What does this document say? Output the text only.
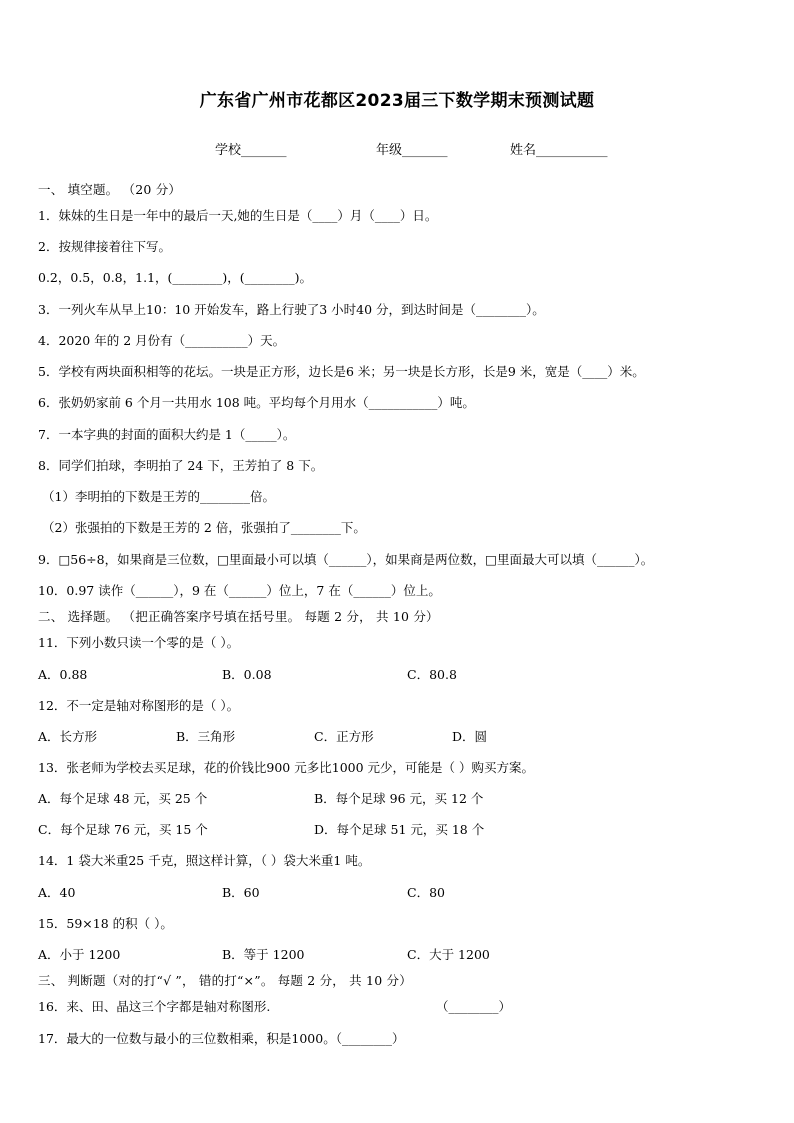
广东省广州市花都区2023届三下数学期末预测试题
学校_______	年级_______	姓名___________
一、 填空题。 （20 分）
1．妹妹的生日是一年中的最后一天,她的生日是（____）月（____）日。
2．按规律接着往下写。
0.2，0.5，0.8，1.1，(________)，(________)。
3．一列火车从早上10：10 开始发车，路上行驶了3 小时40 分，到达时间是（________）。
4．2020 年的 2 月份有（__________）天。
5．学校有两块面积相等的花坛。一块是正方形，边长是6 米；另一块是长方形，长是9 米，宽是（____）米。
6．张奶奶家前 6 个月一共用水 108 吨。平均每个月用水（___________）吨。
7．一本字典的封面的面积大约是 1（_____）。
8．同学们拍球，李明拍了 24 下，王芳拍了 8 下。
（1）李明拍的下数是王芳的________倍。
（2）张强拍的下数是王芳的 2 倍，张强拍了________下。
9．□56÷8，如果商是三位数，□里面最小可以填（______），如果商是两位数，□里面最大可以填（______）。
10．0.97 读作（______），9 在（______）位上，7 在（______）位上。
二、 选择题。 （把正确答案序号填在括号里。 每题 2 分， 共 10 分）
11．下列小数只读一个零的是（ ）。
A．0.88	B．0.08	C．80.8
12．不一定是轴对称图形的是（ ）。
A．长方形	B．三角形	C．正方形	D．圆
13．张老师为学校去买足球，花的价钱比900 元多比1000 元少，可能是（ ）购买方案。
A．每个足球 48 元，买 25 个	B．每个足球 96 元，买 12 个
C．每个足球 76 元，买 15 个	D．每个足球 51 元，买 18 个
14．1 袋大米重25 千克，照这样计算，（ ）袋大米重1 吨。
A．40	B．60	C．80
15．59×18 的积（ ）。
A．小于 1200	B．等于 1200	C．大于 1200
三、 判断题（对的打“√ ”， 错的打“×”。 每题 2 分， 共 10 分）
16．来、田、晶这三个字都是轴对称图形.	（________）
17．最大的一位数与最小的三位数相乘，积是1000。（________）
